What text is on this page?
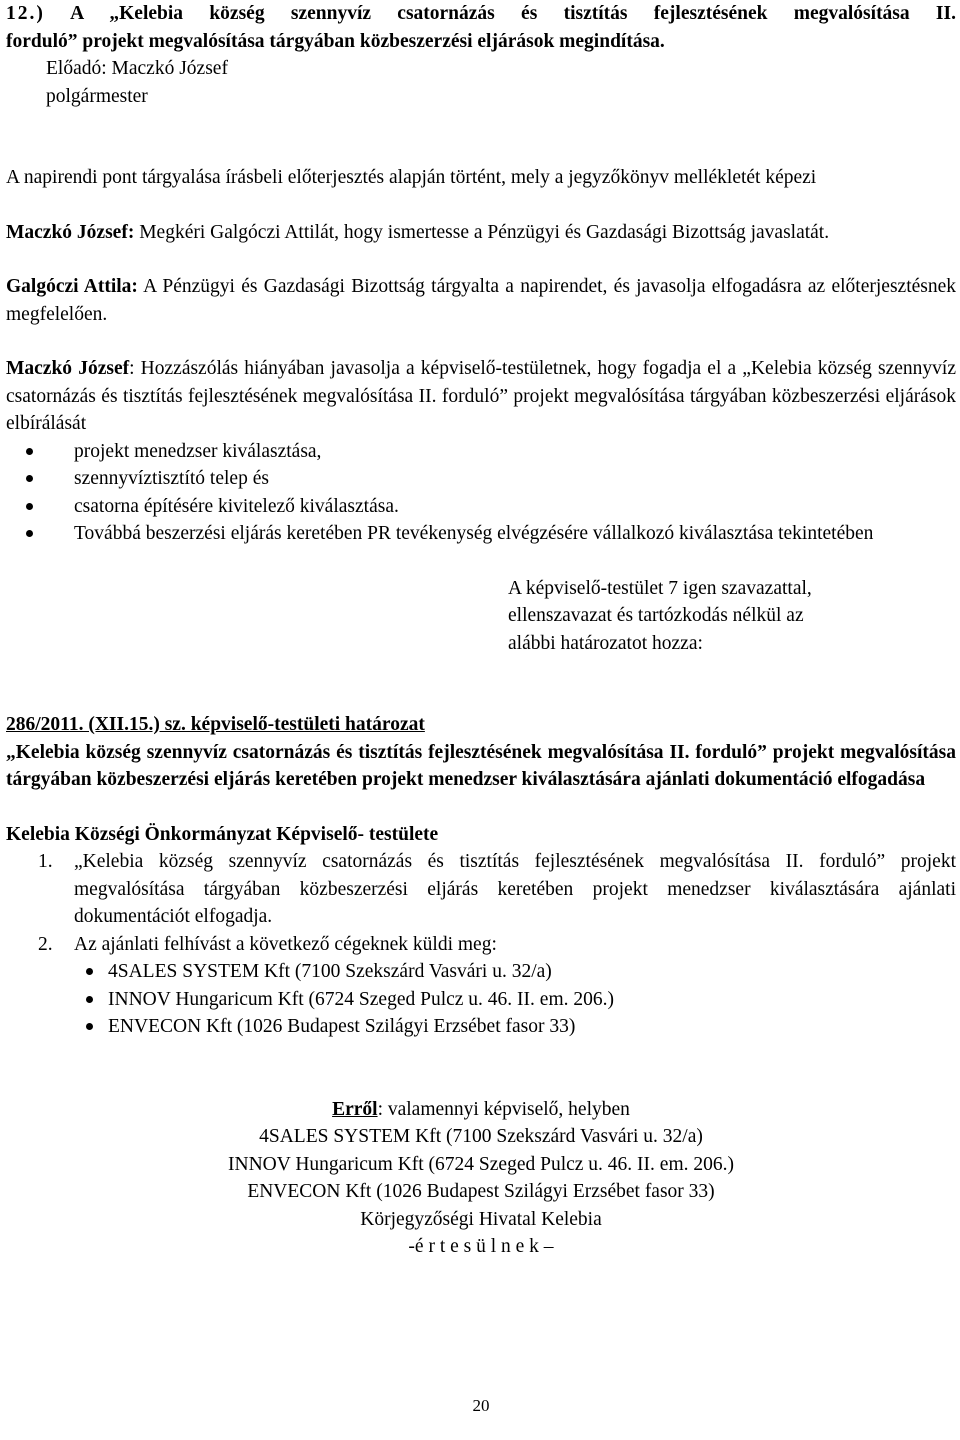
12.) A „Kelebia község szennyvíz csatornázás és tisztítás fejlesztésének megvalósítása II.

forduló” projekt megvalósítása tárgyában közbeszerzési eljárások megindítása.

Előadó: Maczkó József

polgármester

A napirendi pont tárgyalása írásbeli előterjesztés alapján történt, mely a jegyzőkönyv mellékletét képezi

Maczkó József: Megkéri Galgóczi Attilát, hogy ismertesse a Pénzügyi és Gazdasági Bizottság javaslatát.

Galgóczi Attila: A Pénzügyi és Gazdasági Bizottság tárgyalta a napirendet, és javasolja elfogadásra az előterjesztésnek megfelelően.

Maczkó József: Hozzászólás hiányában javasolja a képviselő-testületnek, hogy fogadja el a „Kelebia község szennyvíz csatornázás és tisztítás fejlesztésének megvalósítása II. forduló” projekt megvalósítása tárgyában közbeszerzési eljárások elbírálását

projekt menedzser kiválasztása,
szennyvíztisztító telep és
csatorna építésére kivitelező kiválasztása.
Továbbá beszerzési eljárás keretében PR tevékenység elvégzésére vállalkozó kiválasztása tekintetében

A képviselő-testület 7 igen szavazattal,

ellenszavazat és tartózkodás nélkül az

alábbi határozatot hozza:

286/2011. (XII.15.) sz. képviselő-testületi határozat

„Kelebia község szennyvíz csatornázás és tisztítás fejlesztésének megvalósítása II. forduló” projekt megvalósítása tárgyában közbeszerzési eljárás keretében projekt menedzser kiválasztására ajánlati dokumentáció elfogadása

Kelebia Községi Önkormányzat Képviselő- testülete

1. „Kelebia község szennyvíz csatornázás és tisztítás fejlesztésének megvalósítása II. forduló” projekt megvalósítása tárgyában közbeszerzési eljárás keretében projekt menedzser kiválasztására ajánlati dokumentációt elfogadja.
2. Az ajánlati felhívást a következő cégeknek küldi meg:
4SALES SYSTEM Kft (7100 Szekszárd Vasvári u. 32/a)
INNOV Hungaricum Kft (6724 Szeged Pulcz u. 46. II. em. 206.)
ENVECON Kft (1026 Budapest Szilágyi Erzsébet fasor 33)

Erről: valamennyi képviselő, helyben

4SALES SYSTEM Kft (7100 Szekszárd Vasvári u. 32/a)

INNOV Hungaricum Kft (6724 Szeged Pulcz u. 46. II. em. 206.)

ENVECON Kft (1026 Budapest Szilágyi Erzsébet fasor 33)

Körjegyzőségi Hivatal Kelebia

-é r t e s ü l n e k –

20
